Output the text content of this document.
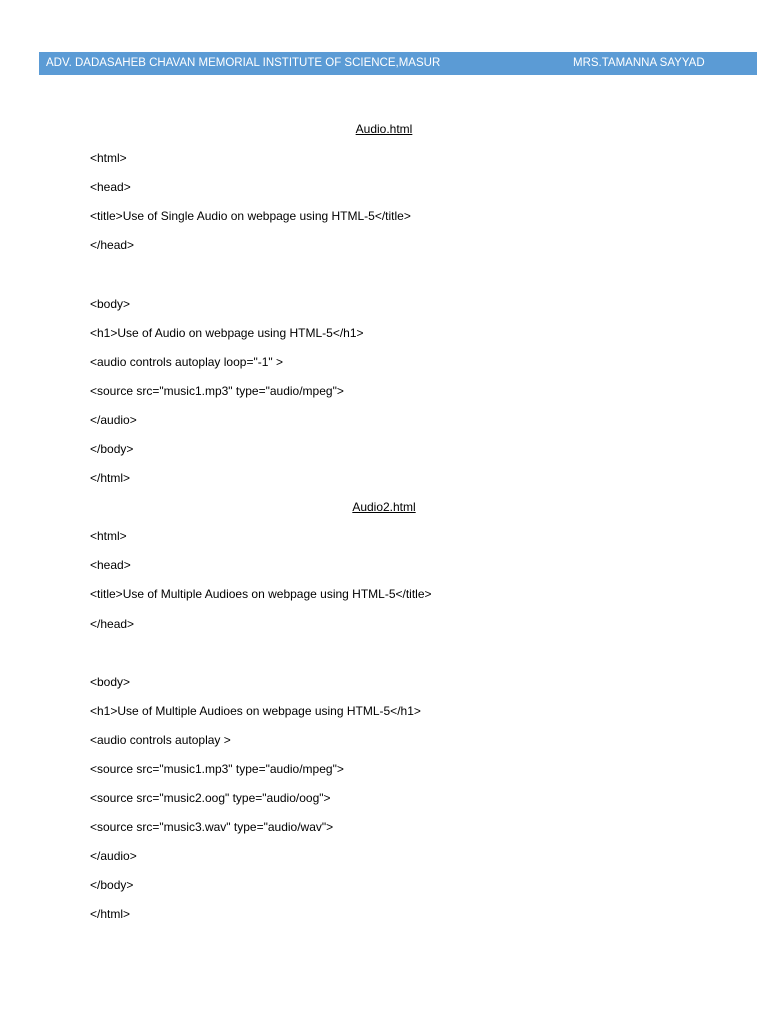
ADV. DADASAHEB CHAVAN MEMORIAL INSTITUTE OF SCIENCE,MASUR	MRS.TAMANNA SAYYAD
Audio.html
<html>
<head>
<title>Use of Single Audio on webpage using HTML-5</title>
</head>
<body>
<h1>Use of Audio on webpage using HTML-5</h1>
<audio controls autoplay loop="-1" >
<source src="music1.mp3" type="audio/mpeg">
</audio>
</body>
</html>
Audio2.html
<html>
<head>
<title>Use of Multiple Audioes on webpage using HTML-5</title>
</head>
<body>
<h1>Use of Multiple Audioes on webpage using HTML-5</h1>
<audio controls autoplay >
<source src="music1.mp3" type="audio/mpeg">
<source src="music2.oog" type="audio/oog">
<source src="music3.wav" type="audio/wav">
</audio>
</body>
</html>
